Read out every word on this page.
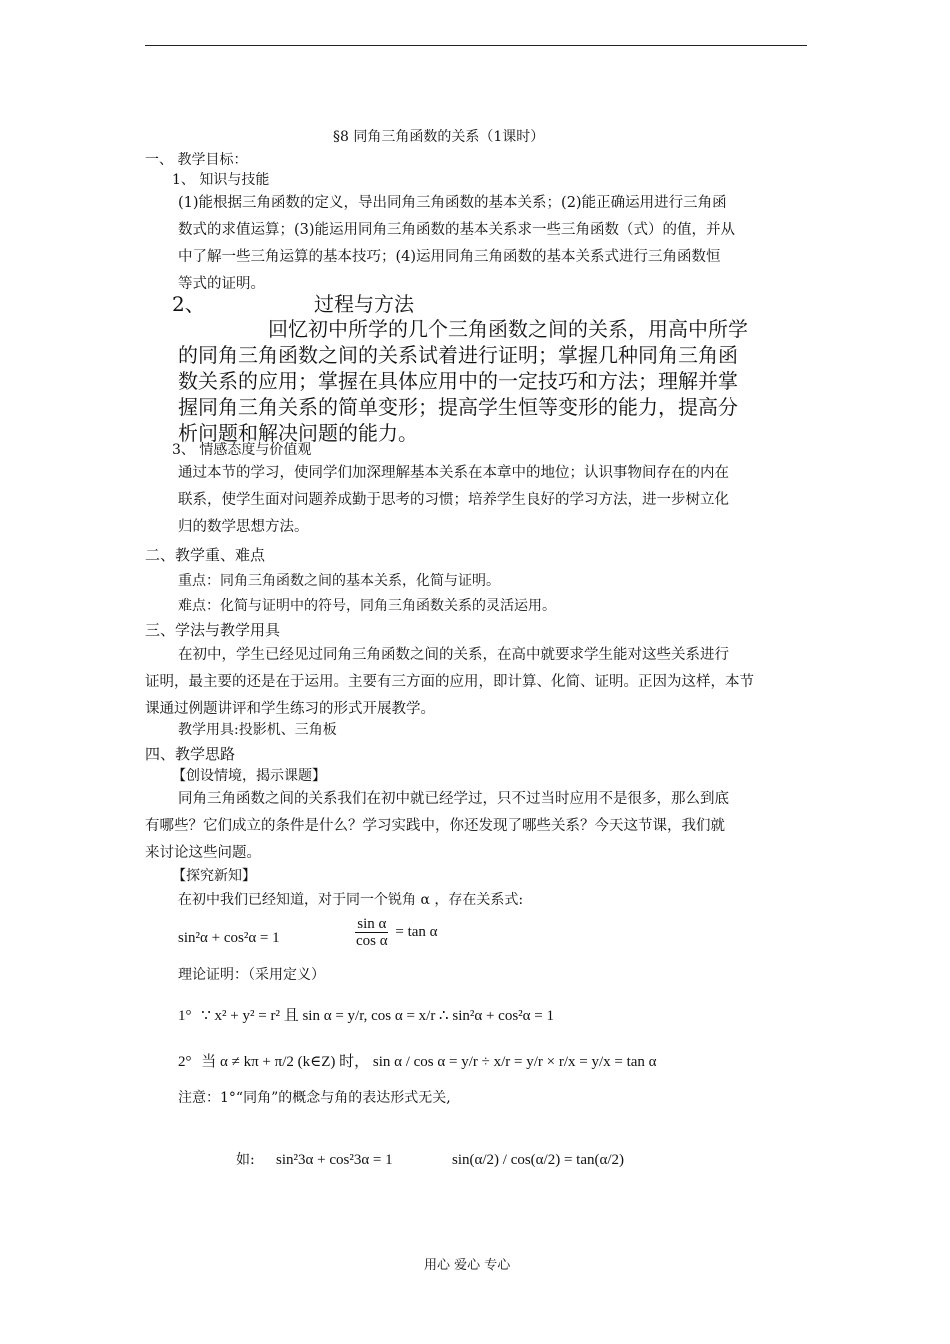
§8 同角三角函数的关系（1课时）
一、 教学目标：
1、 知识与技能
(1)能根据三角函数的定义，导出同角三角函数的基本关系；(2)能正确运用进行三角函
数式的求值运算；(3)能运用同角三角函数的基本关系求一些三角函数（式）的值，并从
中了解一些三角运算的基本技巧；(4)运用同角三角函数的基本关系式进行三角函数恒
等式的证明。
2、	过程与方法
回忆初中所学的几个三角函数之间的关系，用高中所学
的同角三角函数之间的关系试着进行证明；掌握几种同角三角函
数关系的应用；掌握在具体应用中的一定技巧和方法；理解并掌
握同角三角关系的简单变形；提高学生恒等变形的能力，提高分
析问题和解决问题的能力。
3、 情感态度与价值观
通过本节的学习，使同学们加深理解基本关系在本章中的地位；认识事物间存在的内在
联系，使学生面对问题养成勤于思考的习惯；培养学生良好的学习方法，进一步树立化
归的数学思想方法。
二、教学重、难点
重点：同角三角函数之间的基本关系，化简与证明。
难点：化简与证明中的符号，同角三角函数关系的灵活运用。
三、学法与教学用具
在初中，学生已经见过同角三角函数之间的关系，在高中就要求学生能对这些关系进行
证明，最主要的还是在于运用。主要有三方面的应用，即计算、化简、证明。正因为这样，本节
课通过例题讲评和学生练习的形式开展教学。
教学用具:投影机、三角板
四、教学思路
【创设情境，揭示课题】
同角三角函数之间的关系我们在初中就已经学过，只不过当时应用不是很多，那么到底
有哪些？它们成立的条件是什么？学习实践中，你还发现了哪些关系？今天这节课，我们就
来讨论这些问题。
【探究新知】
在初中我们已经知道，对于同一个锐角 α ，存在关系式:
sin²α + cos²α = 1	$\frac{\text{sin α}}{\text{cos α}} = \tan \alpha$
理论证明：（采用定义）
1° ∵ x² + y² = r² 且 sin α = y/r, cos α = x/r ∴ sin²α + cos²α = 1
2° 当 α ≠ kπ + π/2 (k∈Z) 时， sin α / cos α = y/r ÷ x/r = y/r × r/x = y/x = tan α
注意：1°“同角”的概念与角的表达形式无关,
如: sin²3α + cos²3α = 1	sin(α/2) / cos(α/2) = tan(α/2)
用心 爱心 专心
